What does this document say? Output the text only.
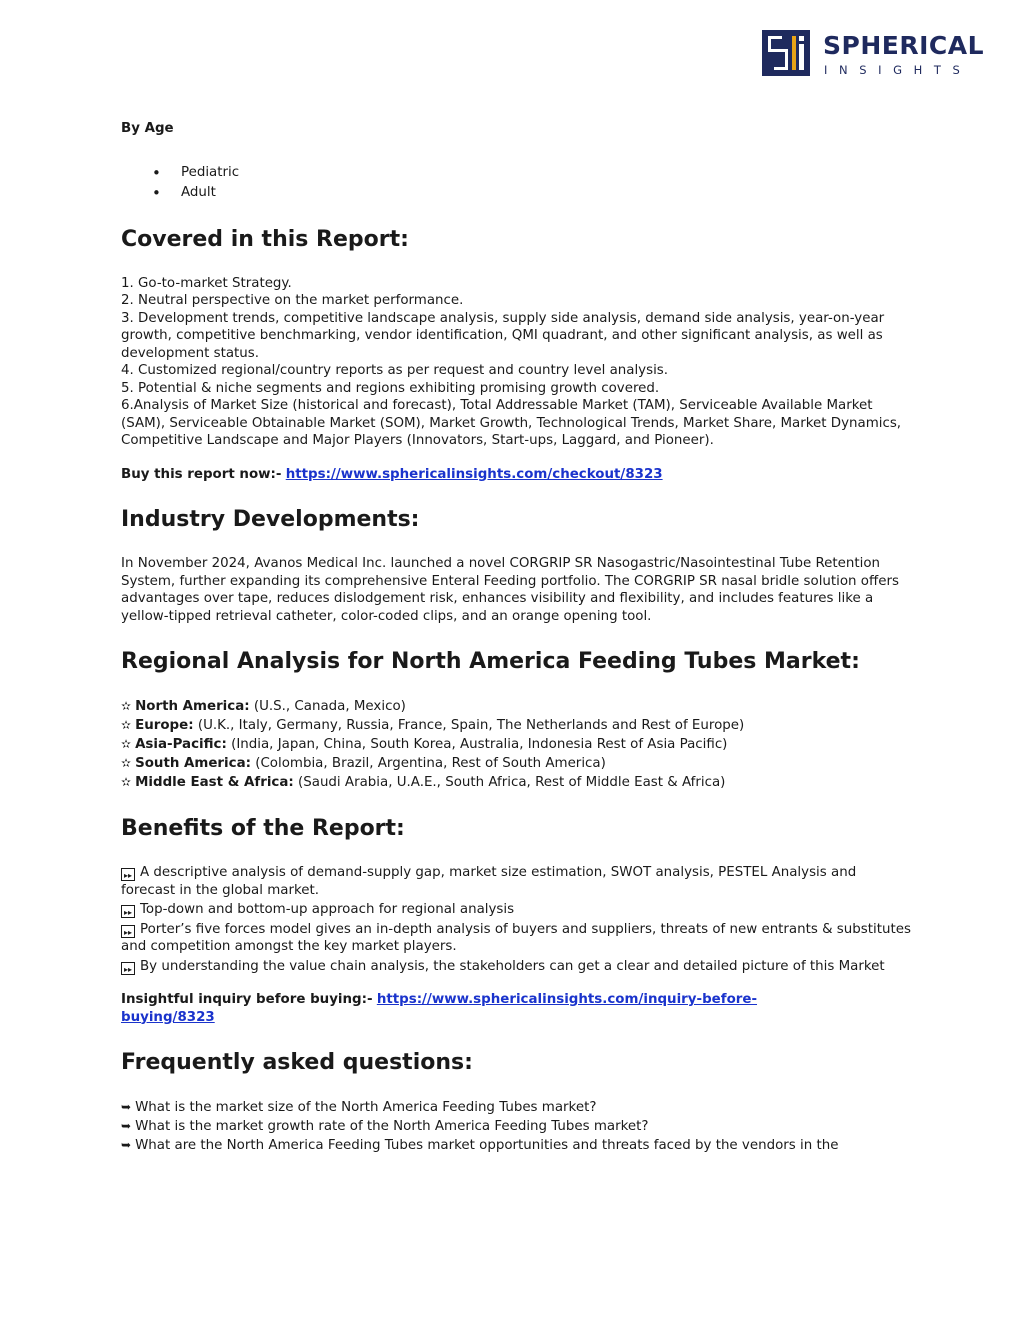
SPHERICAL
INSIGHTS

By Age

• Pediatric
• Adult
Covered in this Report:
1. Go-to-market Strategy.
2. Neutral perspective on the market performance.
3. Development trends, competitive landscape analysis, supply side analysis, demand side analysis, year-on-year growth, competitive benchmarking, vendor identification, QMI quadrant, and other significant analysis, as well as development status.
4. Customized regional/country reports as per request and country level analysis.
5. Potential & niche segments and regions exhibiting promising growth covered.
6.Analysis of Market Size (historical and forecast), Total Addressable Market (TAM), Serviceable Available Market (SAM), Serviceable Obtainable Market (SOM), Market Growth, Technological Trends, Market Share, Market Dynamics, Competitive Landscape and Major Players (Innovators, Start-ups, Laggard, and Pioneer).

Buy this report now:- https://www.sphericalinsights.com/checkout/8323

Industry Developments:

In November 2024, Avanos Medical Inc. launched a novel CORGRIP SR Nasogastric/Nasointestinal Tube Retention System, further expanding its comprehensive Enteral Feeding portfolio. The CORGRIP SR nasal bridle solution offers advantages over tape, reduces dislodgement risk, enhances visibility and flexibility, and includes features like a yellow-tipped retrieval catheter, color-coded clips, and an orange opening tool.

Regional Analysis for North America Feeding Tubes Market:
✫ North America: (U.S., Canada, Mexico)
✫ Europe: (U.K., Italy, Germany, Russia, France, Spain, The Netherlands and Rest of Europe)
✫ Asia-Pacific: (India, Japan, China, South Korea, Australia, Indonesia Rest of Asia Pacific)
✫ South America: (Colombia, Brazil, Argentina, Rest of South America)
✫ Middle East & Africa: (Saudi Arabia, U.A.E., South Africa, Rest of Middle East & Africa)
Benefits of the Report:
▸▸ A descriptive analysis of demand-supply gap, market size estimation, SWOT analysis, PESTEL Analysis and forecast in the global market.
▸▸ Top-down and bottom-up approach for regional analysis
▸▸ Porter’s five forces model gives an in-depth analysis of buyers and suppliers, threats of new entrants & substitutes and competition amongst the key market players.
▸▸ By understanding the value chain analysis, the stakeholders can get a clear and detailed picture of this Market

Insightful inquiry before buying:- https://www.sphericalinsights.com/inquiry-before-
buying/8323

Frequently asked questions:
➥ What is the market size of the North America Feeding Tubes market?
➥ What is the market growth rate of the North America Feeding Tubes market?
➥ What are the North America Feeding Tubes market opportunities and threats faced by the vendors in the
